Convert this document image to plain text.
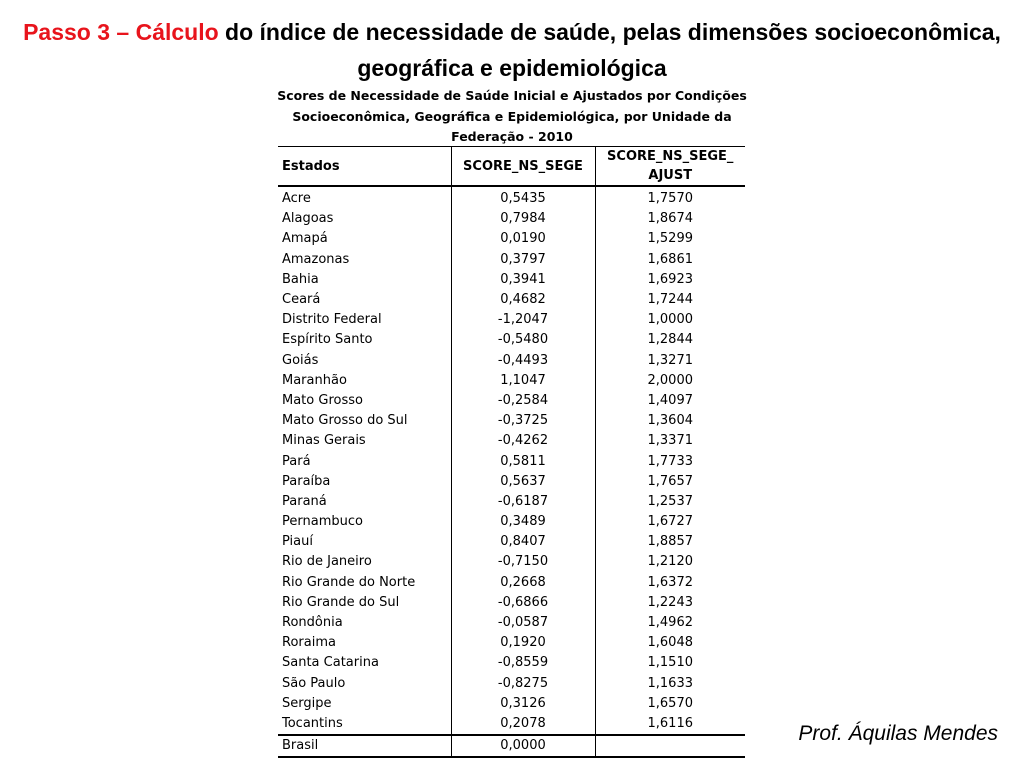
Passo 3 – Cálculo do índice de necessidade de saúde, pelas dimensões socioeconômica, geográfica e epidemiológica
Scores de Necessidade de Saúde Inicial e Ajustados por Condições Socioeconômica, Geográfica e Epidemiológica, por Unidade da Federação - 2010
Estados	SCORE_NS_SEGE	SCORE_NS_SEGE_
AJUST
Acre	0,5435	1,7570
Alagoas	0,7984	1,8674
Amapá	0,0190	1,5299
Amazonas	0,3797	1,6861
Bahia	0,3941	1,6923
Ceará	0,4682	1,7244
Distrito Federal	-1,2047	1,0000
Espírito Santo	-0,5480	1,2844
Goiás	-0,4493	1,3271
Maranhão	1,1047	2,0000
Mato Grosso	-0,2584	1,4097
Mato Grosso do Sul	-0,3725	1,3604
Minas Gerais	-0,4262	1,3371
Pará	0,5811	1,7733
Paraíba	0,5637	1,7657
Paraná	-0,6187	1,2537
Pernambuco	0,3489	1,6727
Piauí	0,8407	1,8857
Rio de Janeiro	-0,7150	1,2120
Rio Grande do Norte	0,2668	1,6372
Rio Grande do Sul	-0,6866	1,2243
Rondônia	-0,0587	1,4962
Roraima	0,1920	1,6048
Santa Catarina	-0,8559	1,1510
São Paulo	-0,8275	1,1633
Sergipe	0,3126	1,6570
Tocantins	0,2078	1,6116
Brasil	0,0000	
Prof. Áquilas Mendes
